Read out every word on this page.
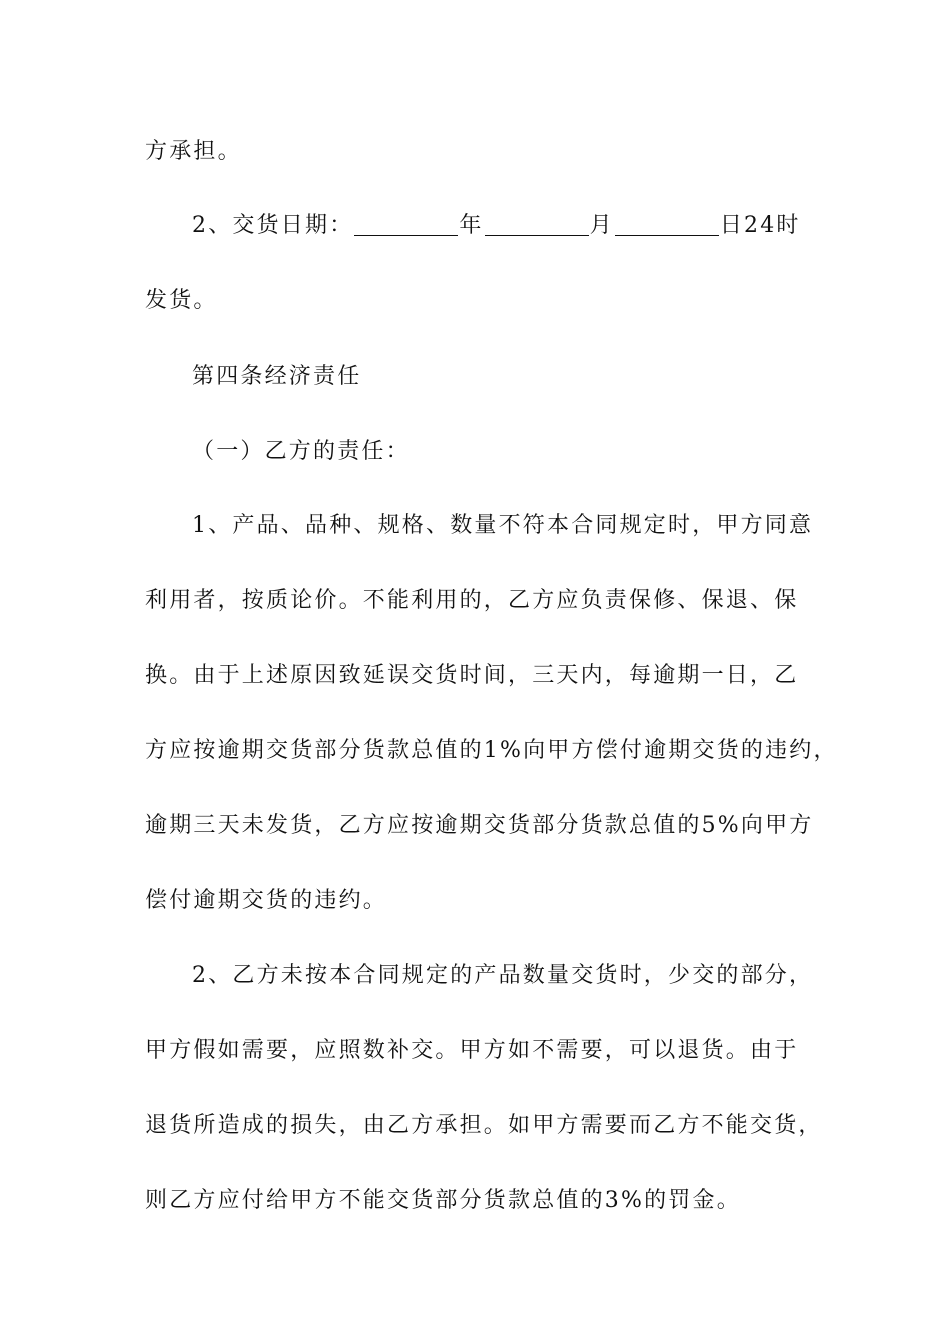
方承担。
2、交货日期：	年	月	日24时
发货。
第四条经济责任
（一）乙方的责任：
1、产品、品种、规格、数量不符本合同规定时，甲方同意
利用者，按质论价。不能利用的，乙方应负责保修、保退、保
换。由于上述原因致延误交货时间，三天内，每逾期一日，乙
方应按逾期交货部分货款总值的1%向甲方偿付逾期交货的违约，
逾期三天未发货，乙方应按逾期交货部分货款总值的5%向甲方
偿付逾期交货的违约。
2、乙方未按本合同规定的产品数量交货时，少交的部分，
甲方假如需要，应照数补交。甲方如不需要，可以退货。由于
退货所造成的损失，由乙方承担。如甲方需要而乙方不能交货，
则乙方应付给甲方不能交货部分货款总值的3%的罚金。
